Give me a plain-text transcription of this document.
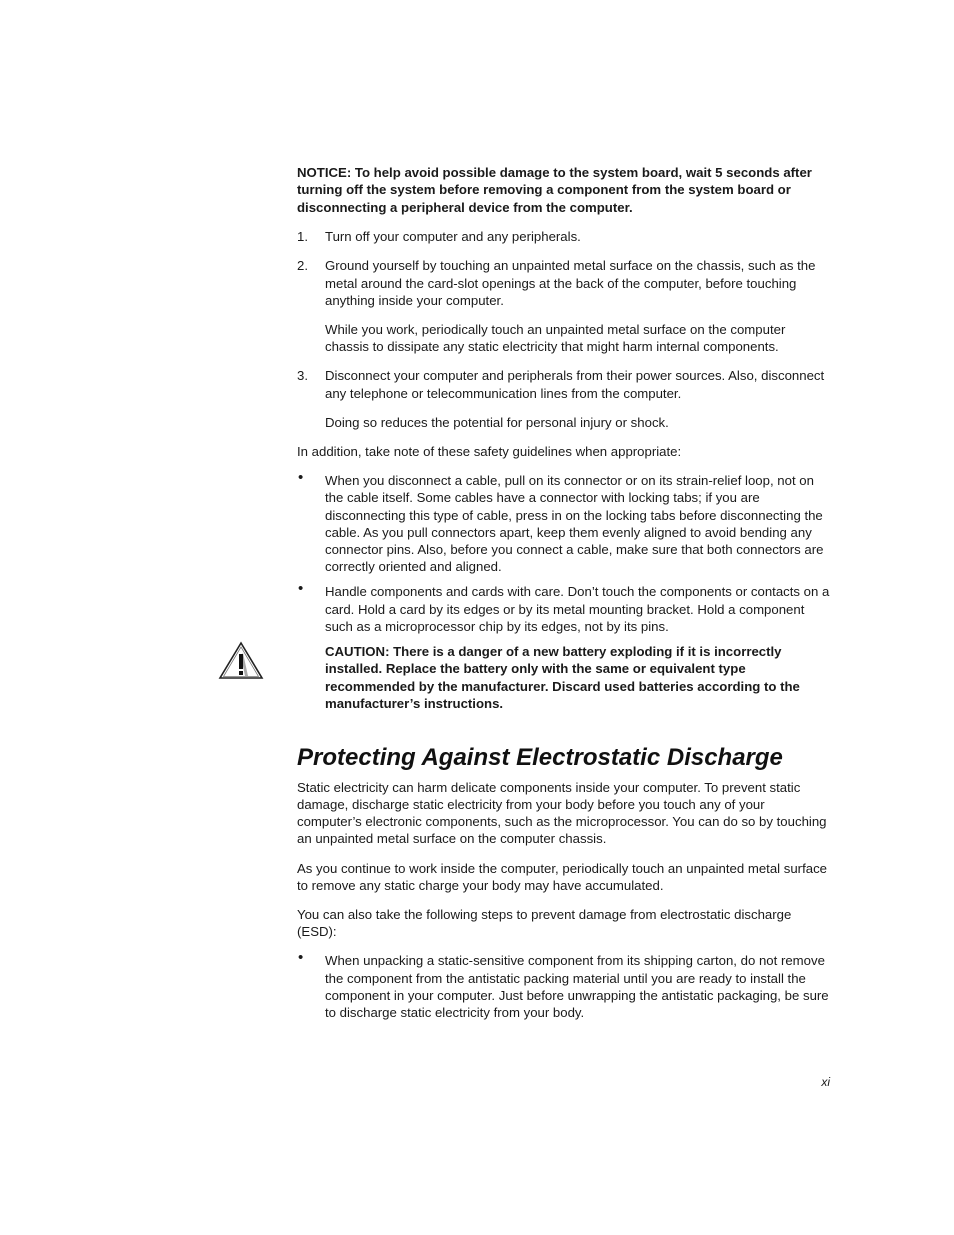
NOTICE: To help avoid possible damage to the system board, wait 5 seconds after turning off the system before removing a component from the system board or disconnecting a peripheral device from the computer.

1. Turn off your computer and any peripherals.

2. Ground yourself by touching an unpainted metal surface on the chassis, such as the metal around the card-slot openings at the back of the computer, before touching anything inside your computer.

While you work, periodically touch an unpainted metal surface on the computer chassis to dissipate any static electricity that might harm internal components.

3. Disconnect your computer and peripherals from their power sources. Also, disconnect any telephone or telecommunication lines from the computer.

Doing so reduces the potential for personal injury or shock.

In addition, take note of these safety guidelines when appropriate:

• When you disconnect a cable, pull on its connector or on its strain-relief loop, not on the cable itself. Some cables have a connector with locking tabs; if you are disconnecting this type of cable, press in on the locking tabs before disconnecting the cable. As you pull connectors apart, keep them evenly aligned to avoid bending any connector pins. Also, before you connect a cable, make sure that both connectors are correctly oriented and aligned.

• Handle components and cards with care. Don’t touch the components or contacts on a card. Hold a card by its edges or by its metal mounting bracket. Hold a component such as a microprocessor chip by its edges, not by its pins.

CAUTION: There is a danger of a new battery exploding if it is incorrectly installed. Replace the battery only with the same or equivalent type recommended by the manufacturer. Discard used batteries according to the manufacturer’s instructions.

Protecting Against Electrostatic Discharge

Static electricity can harm delicate components inside your computer. To prevent static damage, discharge static electricity from your body before you touch any of your computer’s electronic components, such as the microprocessor. You can do so by touching an unpainted metal surface on the computer chassis.

As you continue to work inside the computer, periodically touch an unpainted metal surface to remove any static charge your body may have accumulated.

You can also take the following steps to prevent damage from electrostatic discharge (ESD):

• When unpacking a static-sensitive component from its shipping carton, do not remove the component from the antistatic packing material until you are ready to install the component in your computer. Just before unwrapping the antistatic packaging, be sure to discharge static electricity from your body.

xi
